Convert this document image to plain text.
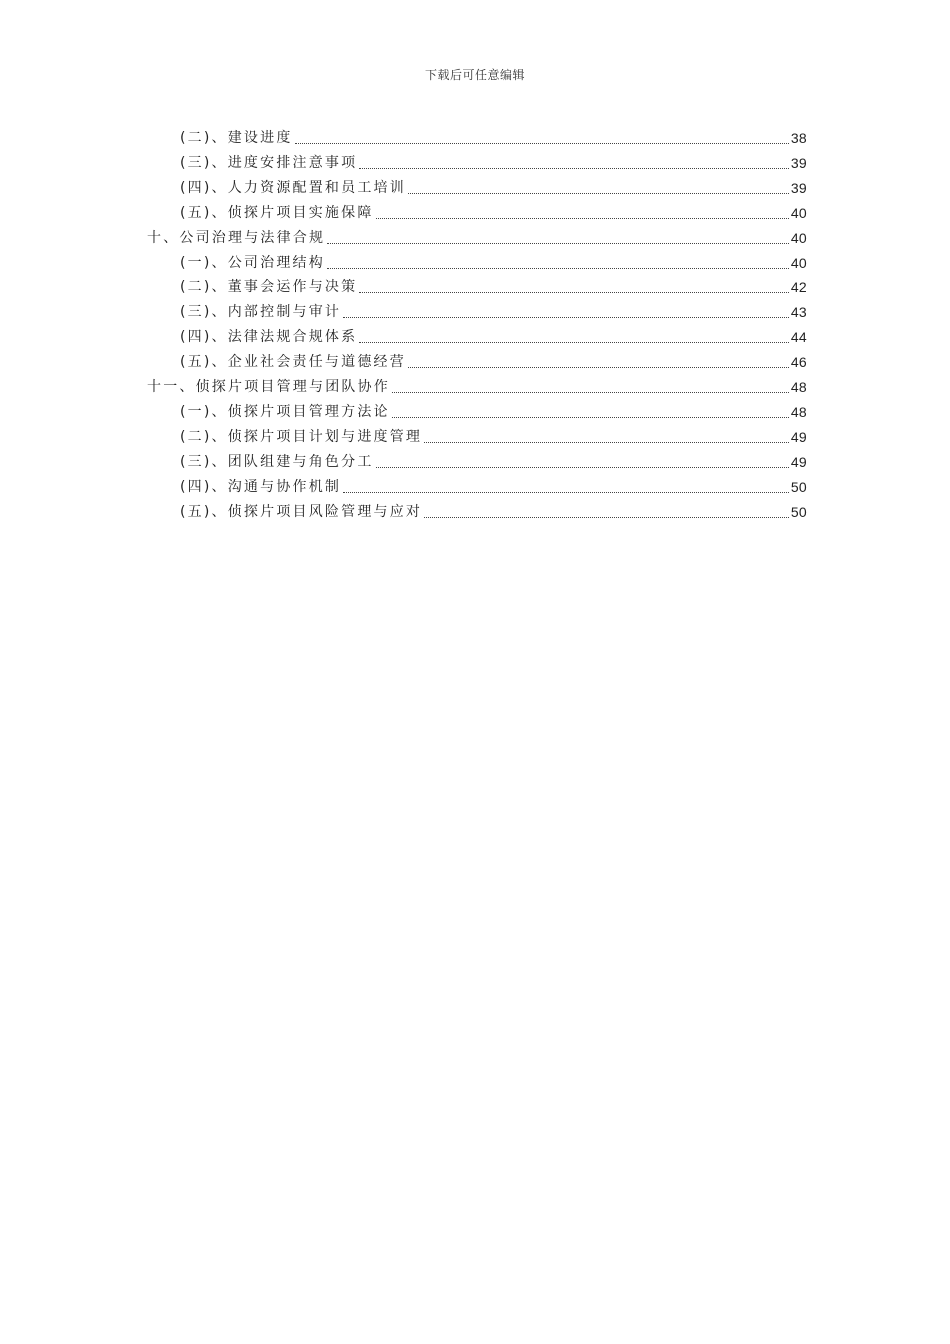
下载后可任意编辑
(二)、建设进度	38
(三)、进度安排注意事项	39
(四)、人力资源配置和员工培训	39
(五)、侦探片项目实施保障	40
十、公司治理与法律合规	40
(一)、公司治理结构	40
(二)、董事会运作与决策	42
(三)、内部控制与审计	43
(四)、法律法规合规体系	44
(五)、企业社会责任与道德经营	46
十一、侦探片项目管理与团队协作	48
(一)、侦探片项目管理方法论	48
(二)、侦探片项目计划与进度管理	49
(三)、团队组建与角色分工	49
(四)、沟通与协作机制	50
(五)、侦探片项目风险管理与应对	50
